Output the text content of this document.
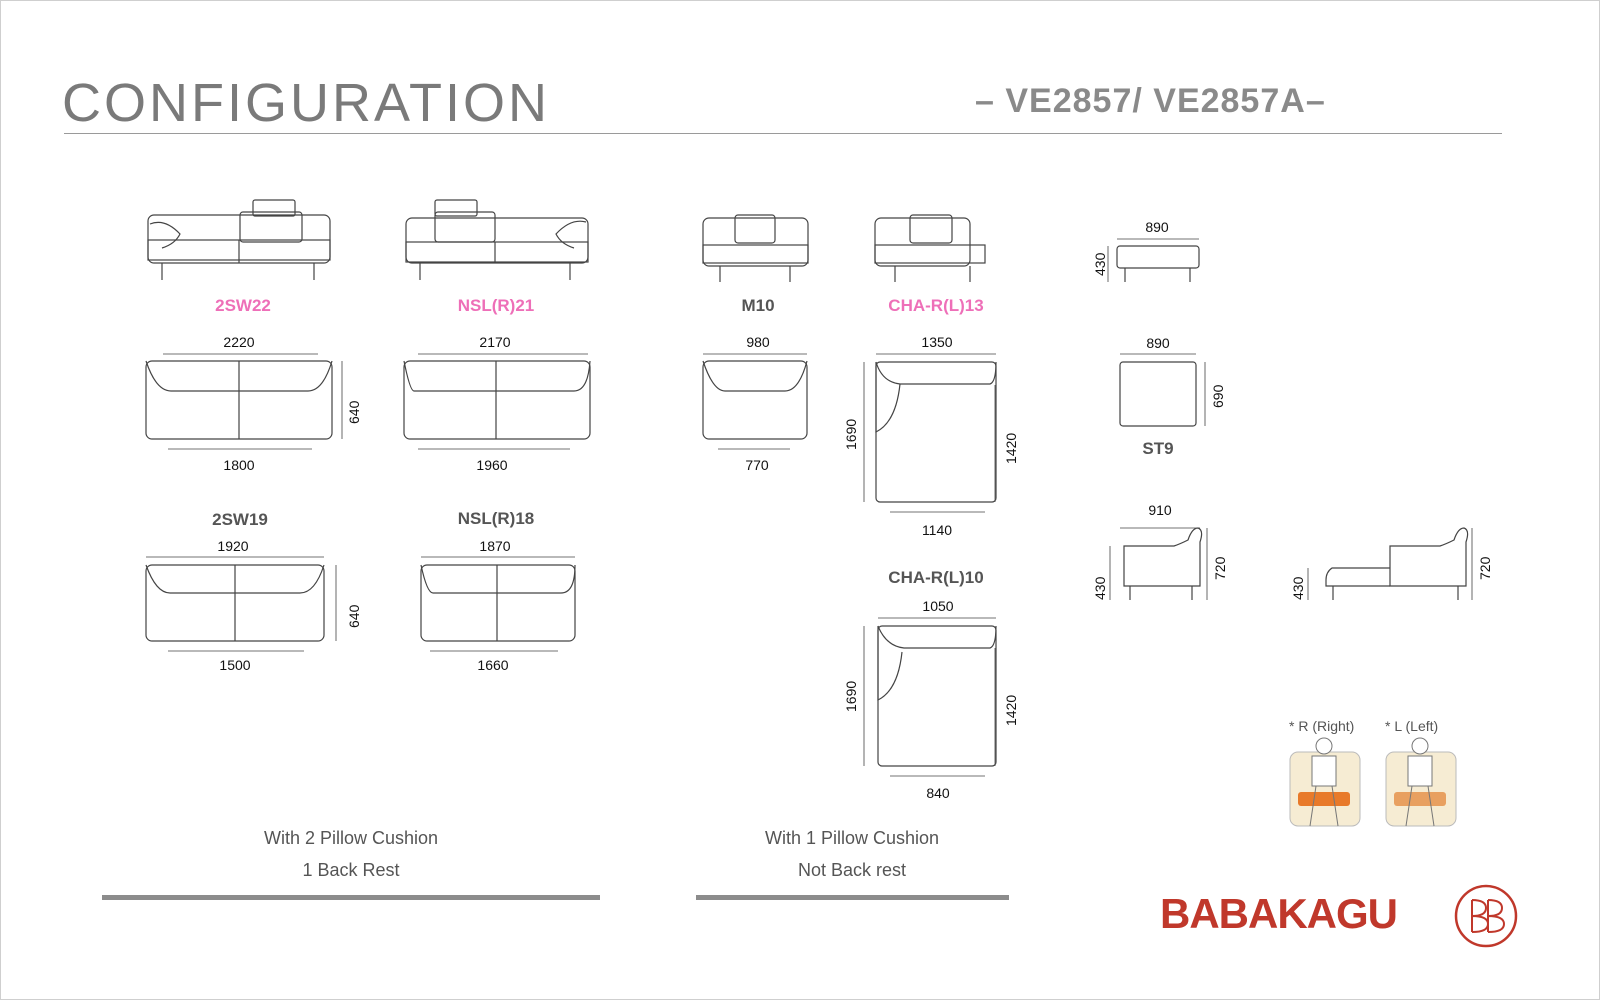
CONFIGURATION	– VE2857/ VE2857A–
2SW22	NSL(R)21	M10	CHA-R(L)13
890
430
890
690
ST9
2220
1800
640
2170
1960
980
770
1350
1140
1690	1420
2SW19	NSL(R)18
1920	1870
1500	1660
640
CHA-R(L)10
1050
840
1690	1420
910
430
720
430
720
* R (Right) * L (Left)
With 2 Pillow Cushion
1 Back Rest
With 1 Pillow Cushion
Not Back rest
BABAKAGU
